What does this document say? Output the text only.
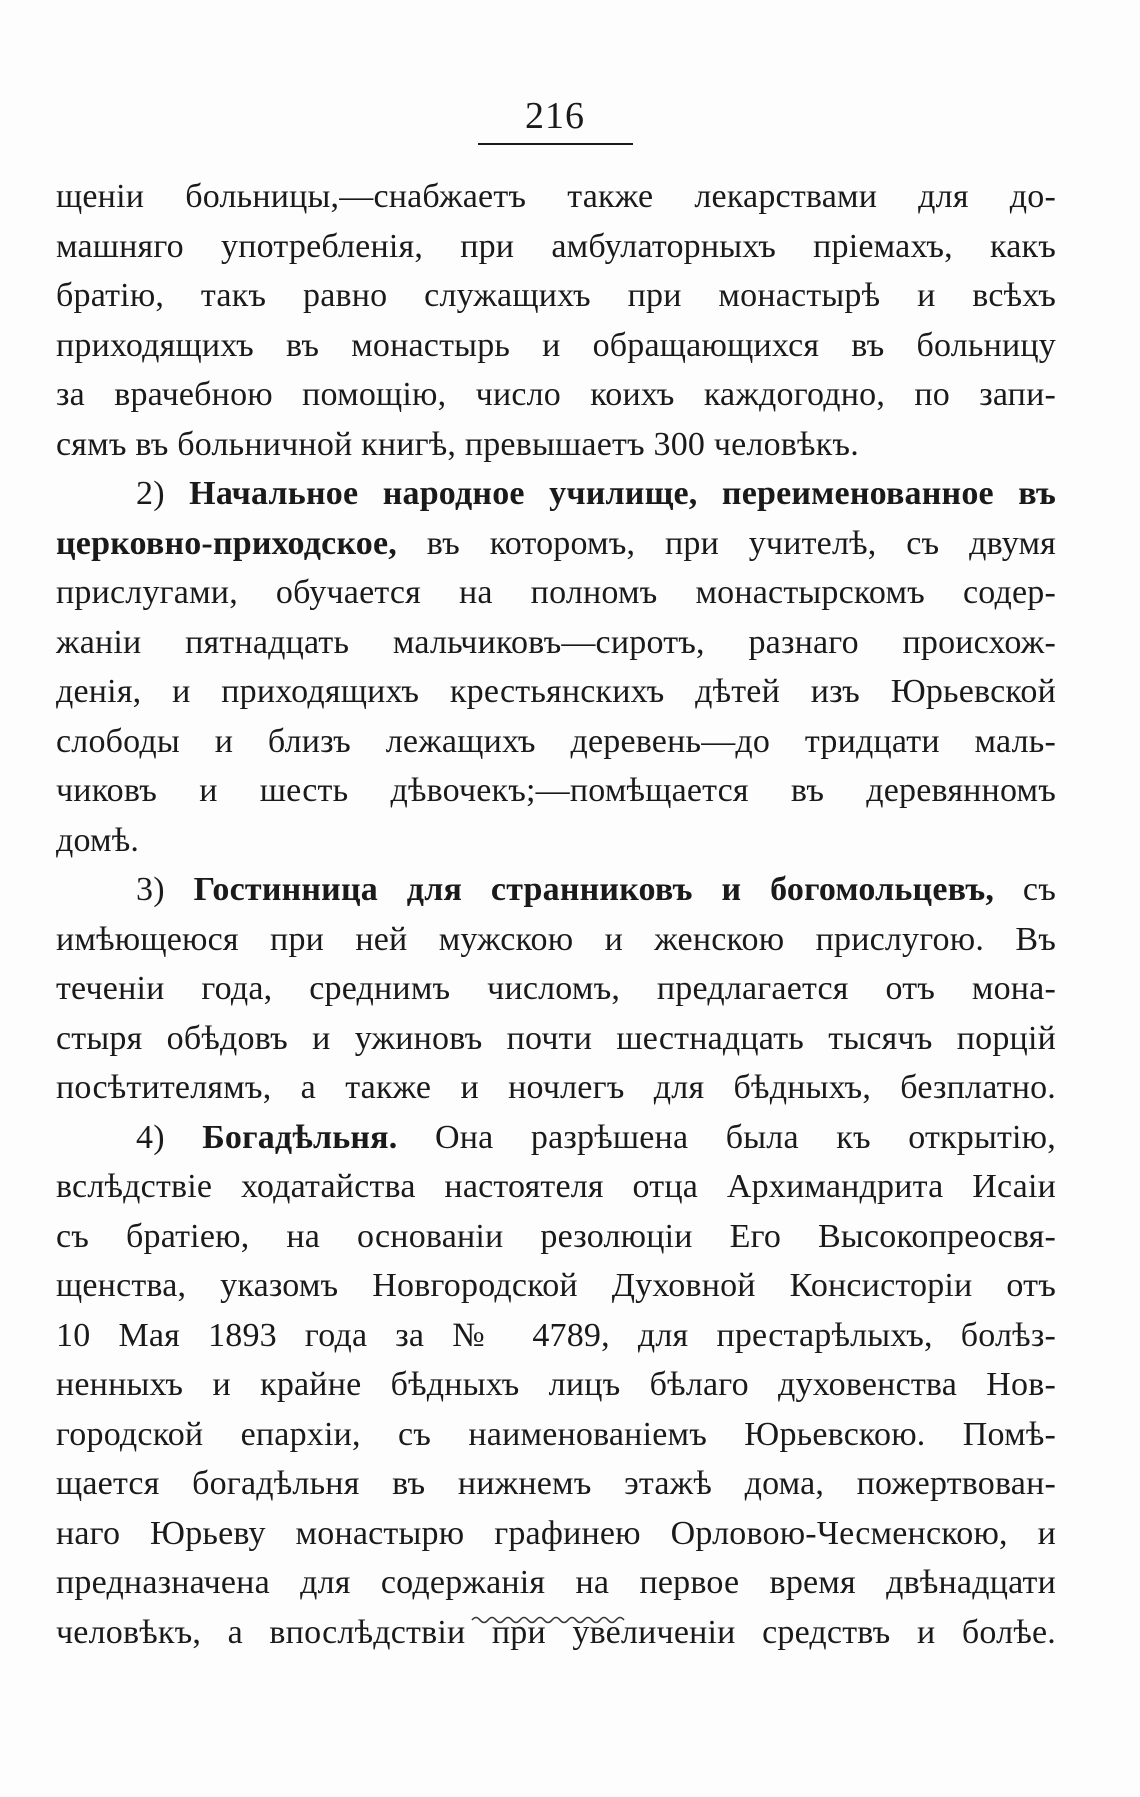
216
щеніи больницы,—снабжаетъ также лекарствами для до-
машняго употребленія, при амбулаторныхъ пріемахъ, какъ
братію, такъ равно служащихъ при монастырѣ и всѣхъ
приходящихъ въ монастырь и обращающихся въ больницу
за врачебною помощію, число коихъ каждогодно, по запи-
сямъ въ больничной книгѣ, превышаетъ 300 человѣкъ.
2) Начальное народное училище, переименованное въ
церковно-приходское, въ которомъ, при учителѣ, съ двумя
прислугами, обучается на полномъ монастырскомъ содер-
жаніи пятнадцать мальчиковъ—сиротъ, разнаго происхож-
денія, и приходящихъ крестьянскихъ дѣтей изъ Юрьевской
слободы и близъ лежащихъ деревень—до тридцати маль-
чиковъ и шесть дѣвочекъ;—помѣщается въ деревянномъ
домѣ.
3) Гостинница для странниковъ и богомольцевъ, съ
имѣющеюся при ней мужскою и женскою прислугою. Въ
теченіи года, среднимъ числомъ, предлагается отъ мона-
стыря обѣдовъ и ужиновъ почти шестнадцать тысячъ порцій
посѣтителямъ, а также и ночлегъ для бѣдныхъ, безплатно.
4) Богадѣльня. Она разрѣшена была къ открытію,
вслѣдствіе ходатайства настоятеля отца Архимандрита Исаіи
съ братіею, на основаніи резолюціи Его Высокопреосвя-
щенства, указомъ Новгородской Духовной Консисторіи отъ
10 Мая 1893 года за № 4789, для престарѣлыхъ, болѣз-
ненныхъ и крайне бѣдныхъ лицъ бѣлаго духовенства Нов-
городской епархіи, съ наименованіемъ Юрьевскою. Помѣ-
щается богадѣльня въ нижнемъ этажѣ дома, пожертвован-
наго Юрьеву монастырю графинею Орловою-Чесменскою, и
предназначена для содержанія на первое время двѣнадцати
человѣкъ, а впослѣдствіи при увеличеніи средствъ и болѣе.
